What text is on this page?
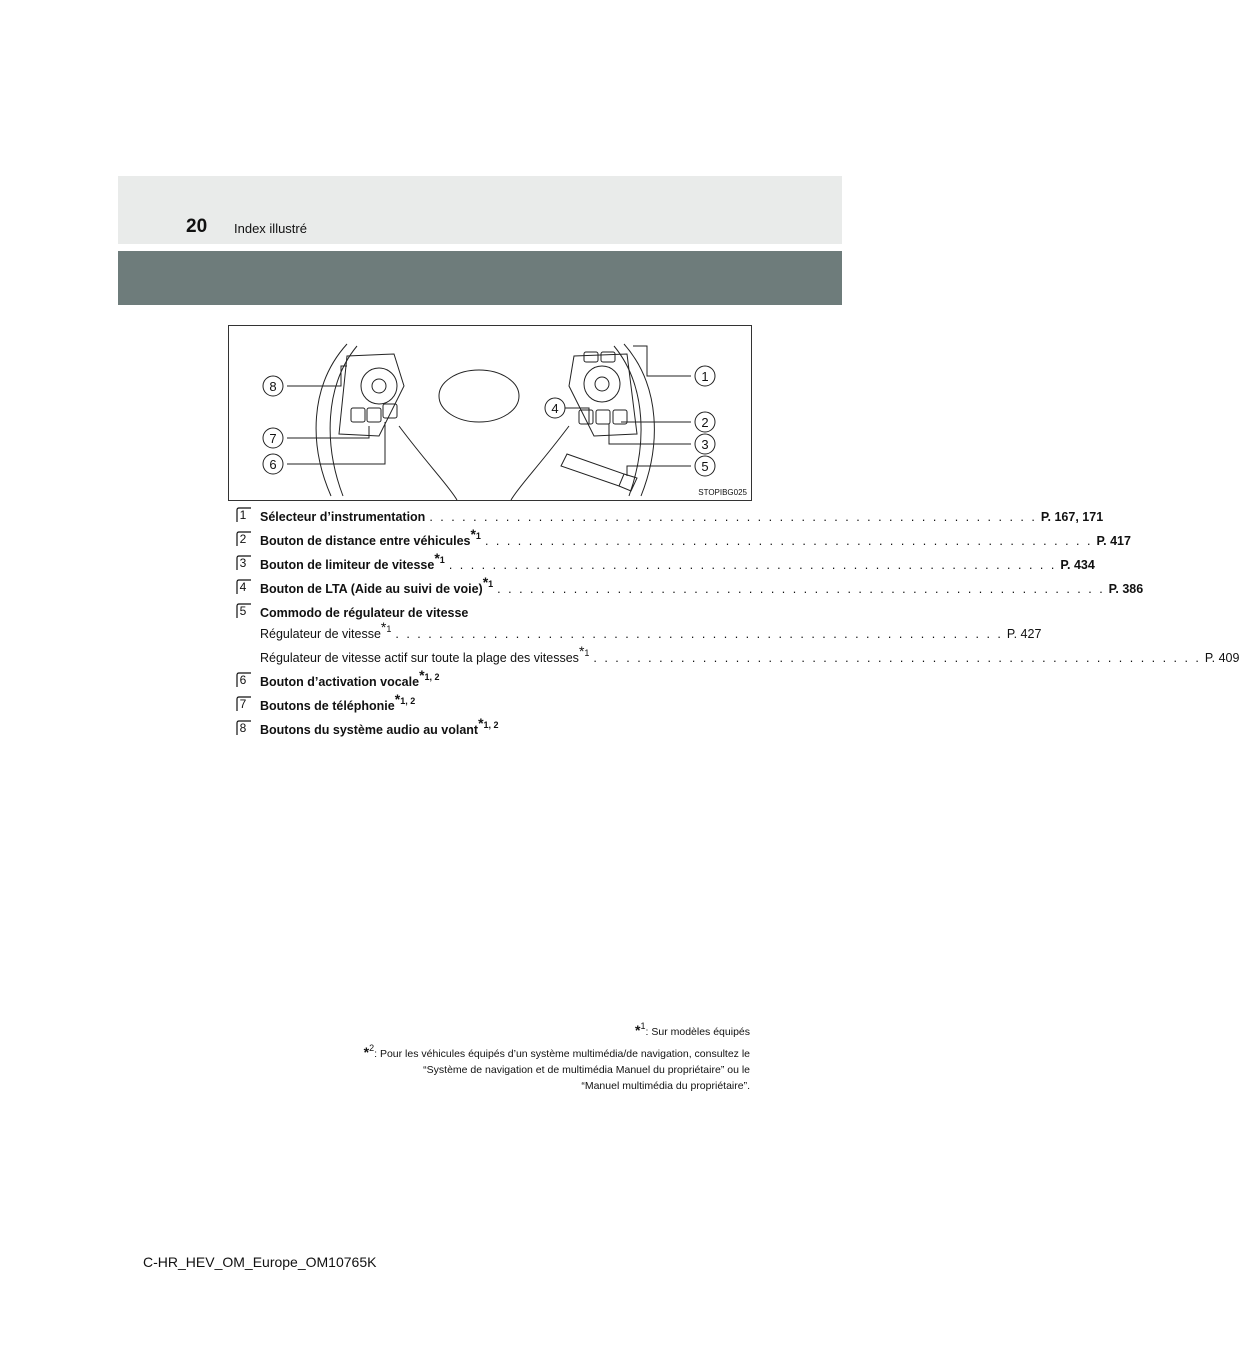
20 Index illustré
8
7
6
4
1
2
3
5
STOPIBG025
1 Sélecteur d’instrumentation . . . . . . . . . . . . . . . . . . . . . . . . . . . . . . . . . . . . . . . . . . . . . . . . . . . . . . . . P. 167, 171
2 Bouton de distance entre véhicules$^{*1}$ . . . . . . . . . . . . . . . . . . . . . . . . . . . . . . . . . . . . . . . . . . . . . . . . . . . . . . . . P. 417
3 Bouton de limiteur de vitesse$^{*1}$ . . . . . . . . . . . . . . . . . . . . . . . . . . . . . . . . . . . . . . . . . . . . . . . . . . . . . . . . P. 434
4 Bouton de LTA (Aide au suivi de voie)$^{*1}$ . . . . . . . . . . . . . . . . . . . . . . . . . . . . . . . . . . . . . . . . . . . . . . . . . . . . . . . . P. 386
5 Commodo de régulateur de vitesse
Régulateur de vitesse$^{*1}$ . . . . . . . . . . . . . . . . . . . . . . . . . . . . . . . . . . . . . . . . . . . . . . . . . . . . . . . . P. 427
Régulateur de vitesse actif sur toute la plage des vitesses$^{*1}$ . . . . . . . . . . . . . . . . . . . . . . . . . . . . . . . . . . . . . . . . . . . . . . . . . . . . . . . . P. 409
6 Bouton d’activation vocale$^{*1, 2}$
7 Boutons de téléphonie$^{*1, 2}$
8 Boutons du système audio au volant$^{*1, 2}$
*$^1$: Sur modèles équipés
*$^2$: Pour les véhicules équipés d’un système multimédia/de navigation, consultez le
“Système de navigation et de multimédia Manuel du propriétaire” ou le
“Manuel multimédia du propriétaire”.
C-HR_HEV_OM_Europe_OM10765K
